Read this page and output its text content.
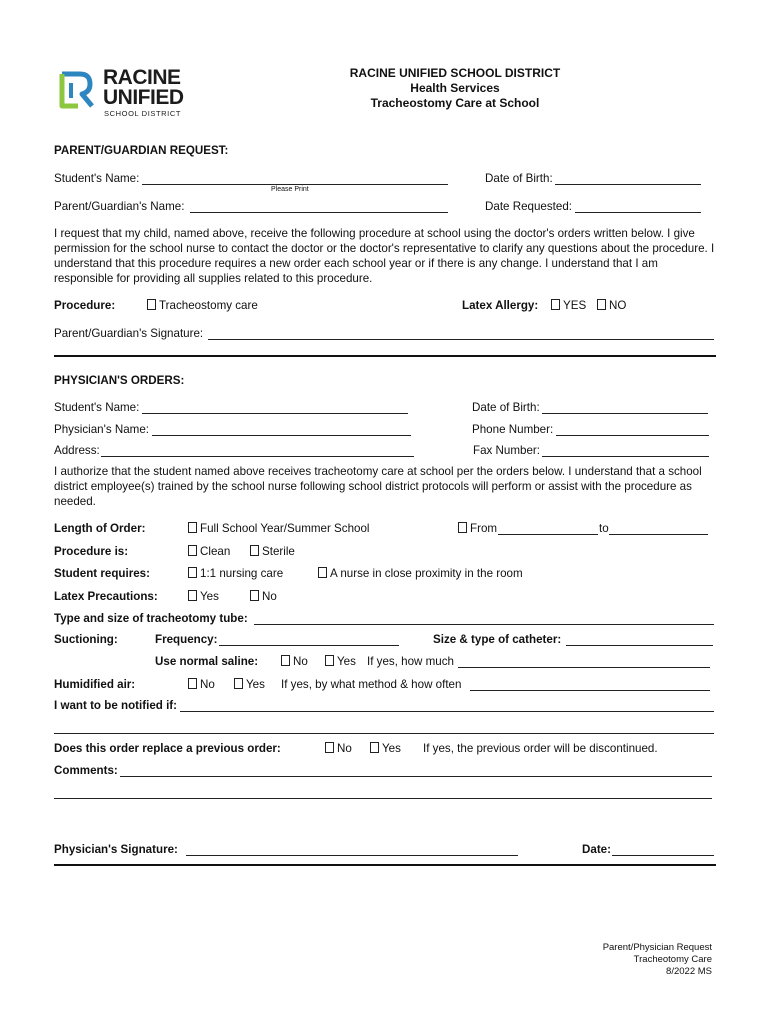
RACINE
UNIFIED
SCHOOL DISTRICT
RACINE UNIFIED SCHOOL DISTRICT
Health Services
Tracheostomy Care at School
PARENT/GUARDIAN REQUEST:
Student's Name:
Please Print
Date of Birth:
Parent/Guardian's Name:	Date Requested:
I request that my child, named above, receive the following procedure at school using the doctor's orders written below. I give permission for the school nurse to contact the doctor or the doctor's representative to clarify any questions about the procedure. I understand that this procedure requires a new order each school year or if there is any change. I understand that I am responsible for providing all supplies related to this procedure.
Procedure:	Tracheostomy care	Latex Allergy:	YES	NO
Parent/Guardian's Signature:
PHYSICIAN'S ORDERS:
Student's Name:	Date of Birth:
Physician's Name:	Phone Number:
Address:	Fax Number:
I authorize that the student named above receives tracheotomy care at school per the orders below. I understand that a school district employee(s) trained by the school nurse following school district protocols will perform or assist with the procedure as needed.
Length of Order:	Full School Year/Summer School	From	to
Procedure is:	Clean	Sterile
Student requires:	1:1 nursing care	A nurse in close proximity in the room
Latex Precautions:	Yes	No
Type and size of tracheotomy tube:
Suctioning:	Frequency:	Size & type of catheter:
Use normal saline:	No	Yes If yes, how much
Humidified air:	No	Yes If yes, by what method & how often
I want to be notified if:
Does this order replace a previous order:	No	Yes If yes, the previous order will be discontinued.
Comments:
Physician's Signature:	Date:
Parent/Physician Request
Tracheotomy Care
8/2022 MS
